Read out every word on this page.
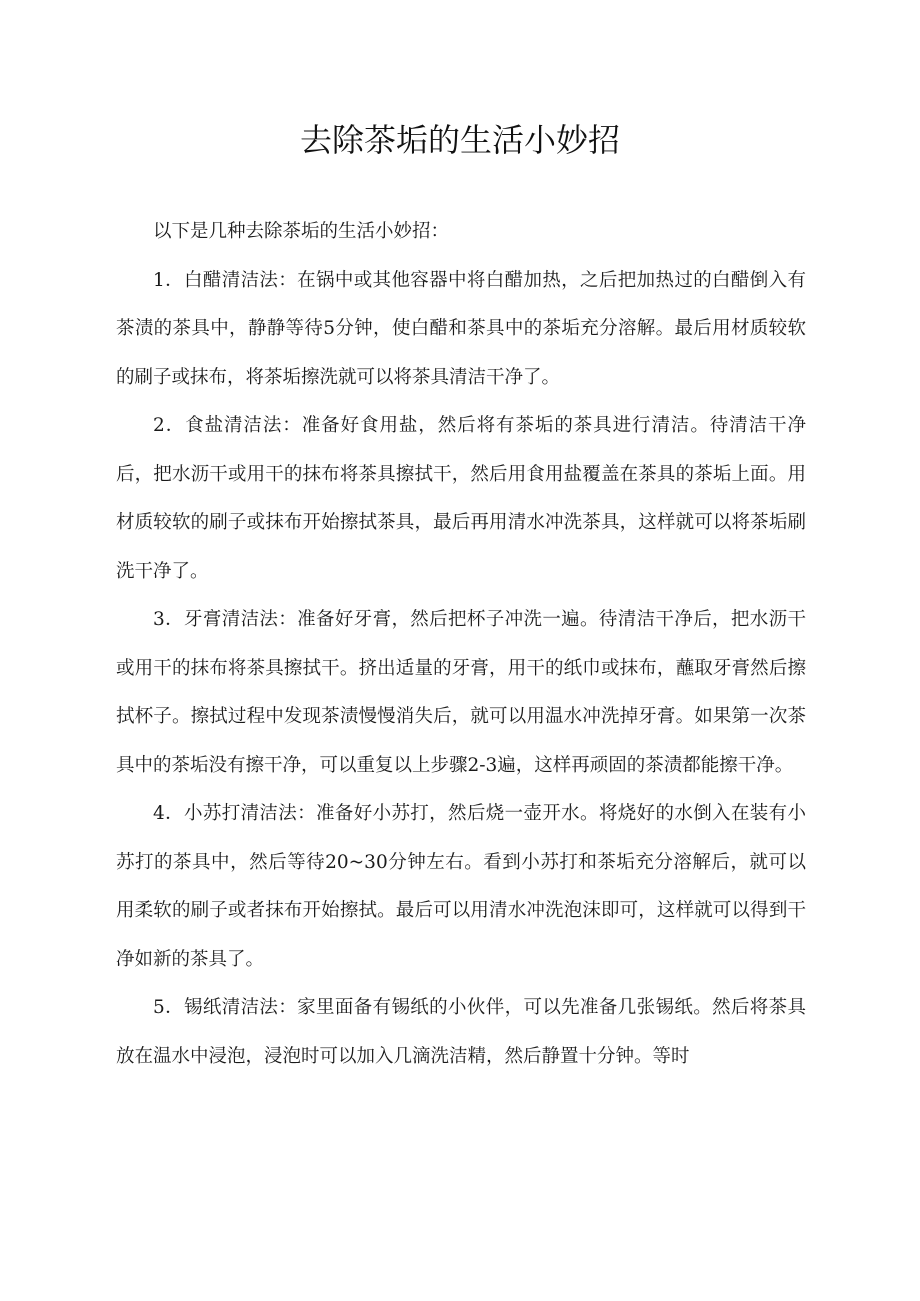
去除茶垢的生活小妙招

以下是几种去除茶垢的生活小妙招：

1．白醋清洁法：在锅中或其他容器中将白醋加热，之后把加热过的白醋倒入有茶渍的茶具中，静静等待5分钟，使白醋和茶具中的茶垢充分溶解。最后用材质较软的刷子或抹布，将茶垢擦洗就可以将茶具清洁干净了。

2．食盐清洁法：准备好食用盐，然后将有茶垢的茶具进行清洁。待清洁干净后，把水沥干或用干的抹布将茶具擦拭干，然后用食用盐覆盖在茶具的茶垢上面。用材质较软的刷子或抹布开始擦拭茶具，最后再用清水冲洗茶具，这样就可以将茶垢刷洗干净了。

3．牙膏清洁法：准备好牙膏，然后把杯子冲洗一遍。待清洁干净后，把水沥干或用干的抹布将茶具擦拭干。挤出适量的牙膏，用干的纸巾或抹布，蘸取牙膏然后擦拭杯子。擦拭过程中发现茶渍慢慢消失后，就可以用温水冲洗掉牙膏。如果第一次茶具中的茶垢没有擦干净，可以重复以上步骤2-3遍，这样再顽固的茶渍都能擦干净。

4．小苏打清洁法：准备好小苏打，然后烧一壶开水。将烧好的水倒入在装有小苏打的茶具中，然后等待20~30分钟左右。看到小苏打和茶垢充分溶解后，就可以用柔软的刷子或者抹布开始擦拭。最后可以用清水冲洗泡沫即可，这样就可以得到干净如新的茶具了。

5．锡纸清洁法：家里面备有锡纸的小伙伴，可以先准备几张锡纸。然后将茶具放在温水中浸泡，浸泡时可以加入几滴洗洁精，然后静置十分钟。等时
